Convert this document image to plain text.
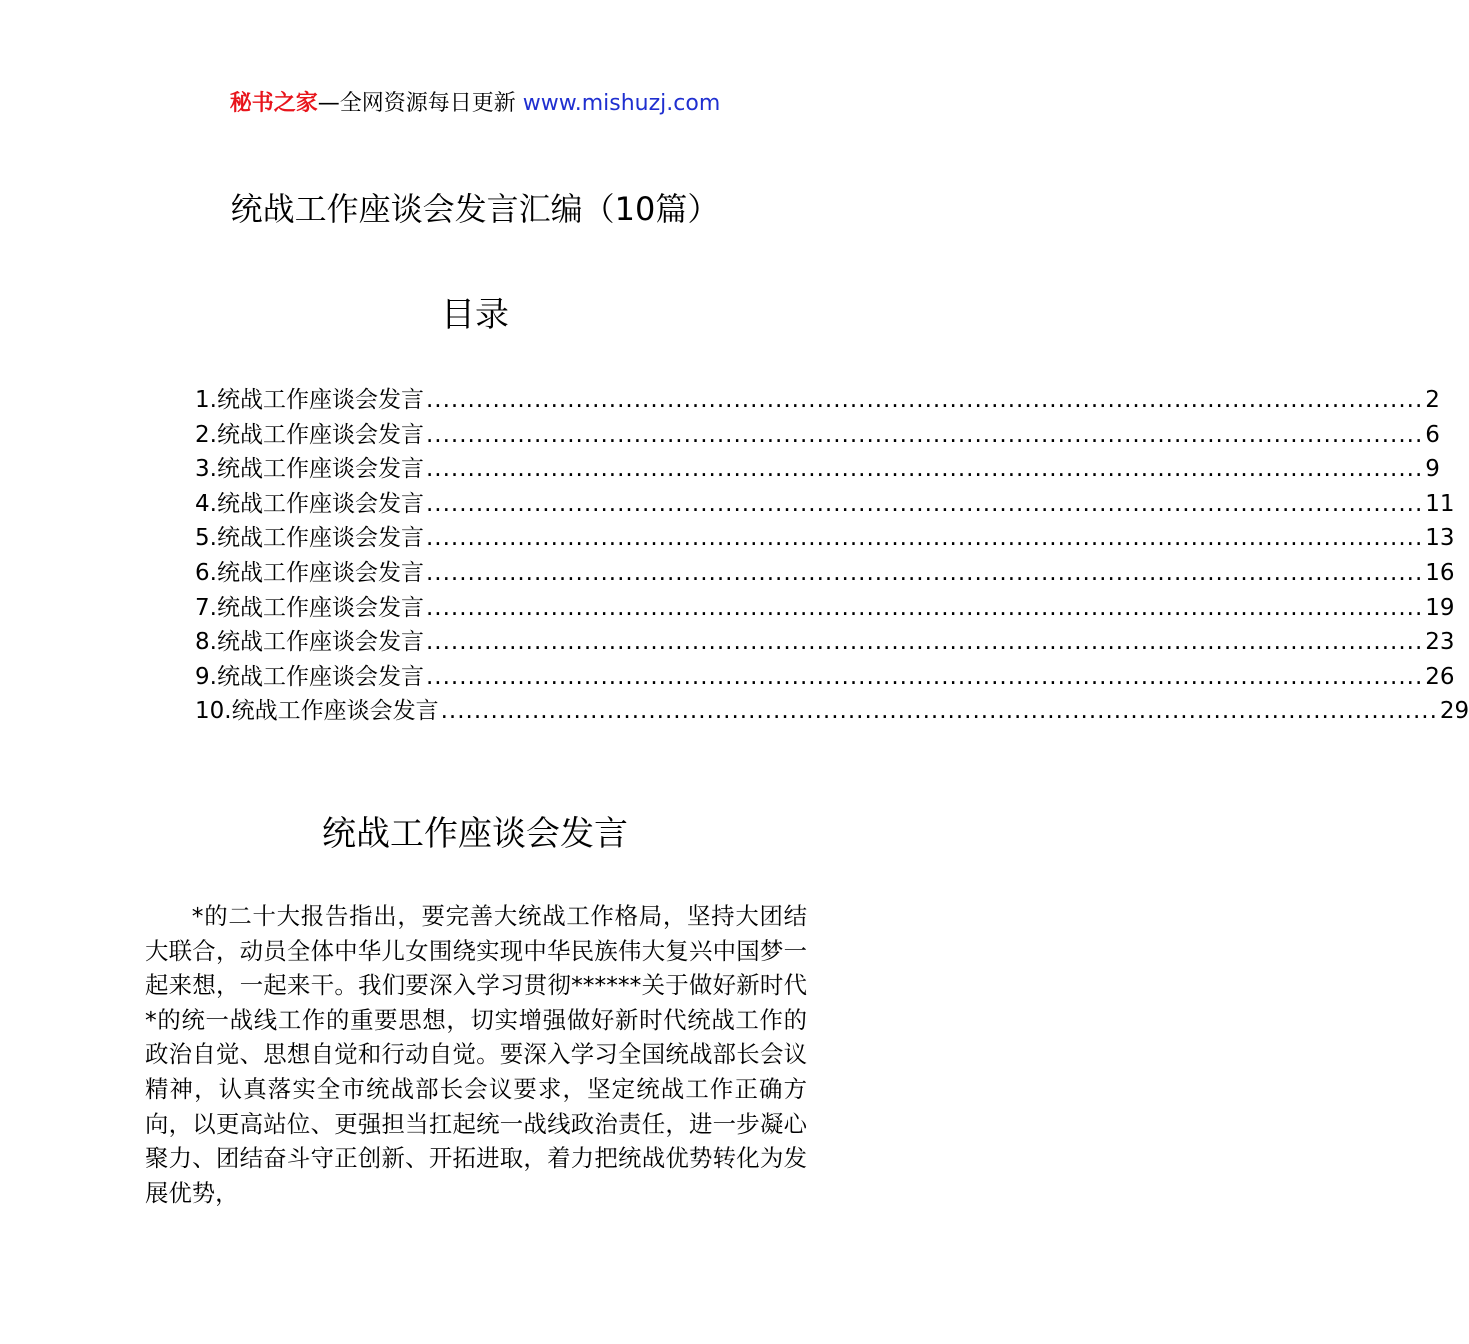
秘书之家—全网资源每日更新 www.mishuzj.com
统战工作座谈会发言汇编（10篇）
目录
1.统战工作座谈会发言 ........................................................................................................................ 2
2.统战工作座谈会发言 ........................................................................................................................ 6
3.统战工作座谈会发言 ........................................................................................................................ 9
4.统战工作座谈会发言 ........................................................................................................................ 11
5.统战工作座谈会发言 ........................................................................................................................ 13
6.统战工作座谈会发言 ........................................................................................................................ 16
7.统战工作座谈会发言 ........................................................................................................................ 19
8.统战工作座谈会发言 ........................................................................................................................ 23
9.统战工作座谈会发言 ........................................................................................................................ 26
10.统战工作座谈会发言 ........................................................................................................................ 29
统战工作座谈会发言

*的二十大报告指出，要完善大统战工作格局，坚持大团结大联合，动员全体中华儿女围绕实现中华民族伟大复兴中国梦一起来想，一起来干。我们要深入学习贯彻******关于做好新时代*的统一战线工作的重要思想，切实增强做好新时代统战工作的政治自觉、思想自觉和行动自觉。要深入学习全国统战部长会议精神，认真落实全市统战部长会议要求，坚定统战工作正确方向，以更高站位、更强担当扛起统一战线政治责任，进一步凝心聚力、团结奋斗守正创新、开拓进取，着力把统战优势转化为发展优势，
